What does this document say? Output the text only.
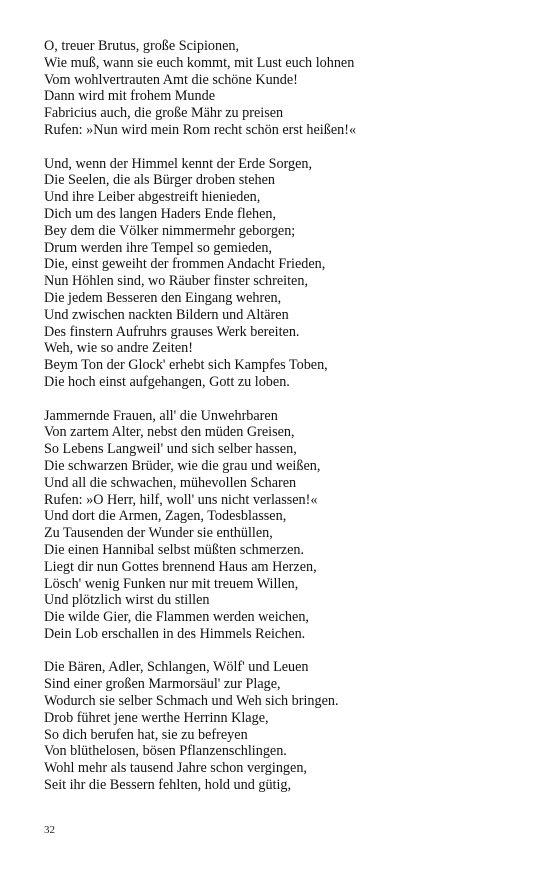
O, treuer Brutus, große Scipionen,
Wie muß, wann sie euch kommt, mit Lust euch lohnen
Vom wohlvertrauten Amt die schöne Kunde!
Dann wird mit frohem Munde
Fabricius auch, die große Mähr zu preisen
Rufen: »Nun wird mein Rom recht schön erst heißen!«
Und, wenn der Himmel kennt der Erde Sorgen,
Die Seelen, die als Bürger droben stehen
Und ihre Leiber abgestreift hienieden,
Dich um des langen Haders Ende flehen,
Bey dem die Völker nimmermehr geborgen;
Drum werden ihre Tempel so gemieden,
Die, einst geweiht der frommen Andacht Frieden,
Nun Höhlen sind, wo Räuber finster schreiten,
Die jedem Besseren den Eingang wehren,
Und zwischen nackten Bildern und Altären
Des finstern Aufruhrs grauses Werk bereiten.
Weh, wie so andre Zeiten!
Beym Ton der Glock' erhebt sich Kampfes Toben,
Die hoch einst aufgehangen, Gott zu loben.
Jammernde Frauen, all' die Unwehrbaren
Von zartem Alter, nebst den müden Greisen,
So Lebens Langweil' und sich selber hassen,
Die schwarzen Brüder, wie die grau und weißen,
Und all die schwachen, mühevollen Scharen
Rufen: »O Herr, hilf, woll' uns nicht verlassen!«
Und dort die Armen, Zagen, Todesblassen,
Zu Tausenden der Wunder sie enthüllen,
Die einen Hannibal selbst müßten schmerzen.
Liegt dir nun Gottes brennend Haus am Herzen,
Lösch' wenig Funken nur mit treuem Willen,
Und plötzlich wirst du stillen
Die wilde Gier, die Flammen werden weichen,
Dein Lob erschallen in des Himmels Reichen.
Die Bären, Adler, Schlangen, Wölf' und Leuen
Sind einer großen Marmorsäul' zur Plage,
Wodurch sie selber Schmach und Weh sich bringen.
Drob führet jene werthe Herrinn Klage,
So dich berufen hat, sie zu befreyen
Von blüthelosen, bösen Pflanzenschlingen.
Wohl mehr als tausend Jahre schon vergingen,
Seit ihr die Bessern fehlten, hold und gütig,
32
